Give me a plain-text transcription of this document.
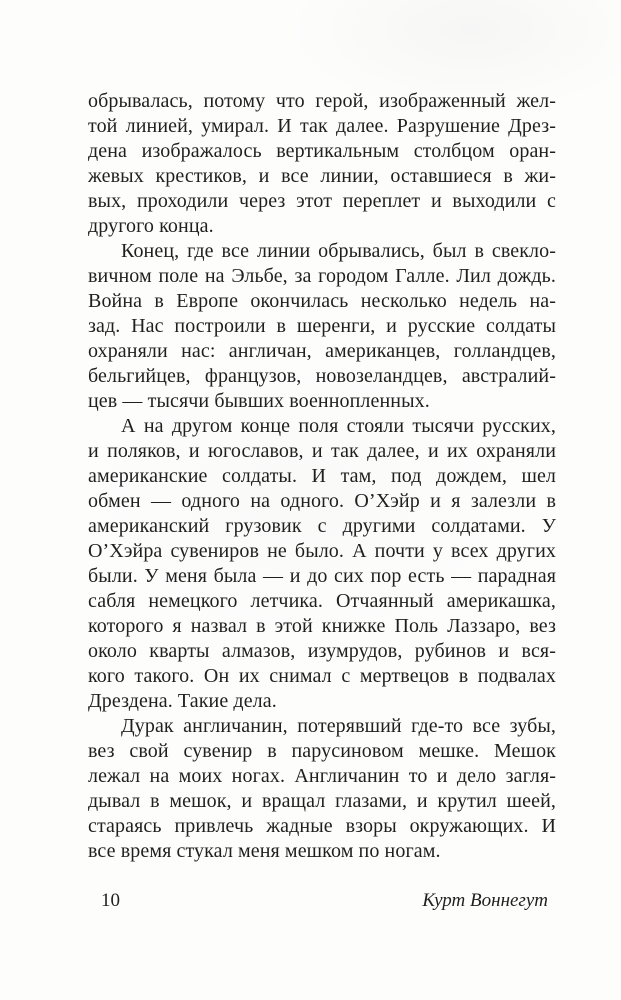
обрывалась, потому что герой, изображенный жел-
той линией, умирал. И так далее. Разрушение Дрез-
дена изображалось вертикальным столбцом оран-
жевых крестиков, и все линии, оставшиеся в жи-
вых, проходили через этот переплет и выходили с
другого конца.
Конец, где все линии обрывались, был в свекло-
вичном поле на Эльбе, за городом Галле. Лил дождь.
Война в Европе окончилась несколько недель на-
зад. Нас построили в шеренги, и русские солдаты
охраняли нас: англичан, американцев, голландцев,
бельгийцев, французов, новозеландцев, австралий-
цев — тысячи бывших военнопленных.
А на другом конце поля стояли тысячи русских,
и поляков, и югославов, и так далее, и их охраняли
американские солдаты. И там, под дождем, шел
обмен — одного на одного. О’Хэйр и я залезли в
американский грузовик с другими солдатами. У
О’Хэйра сувениров не было. А почти у всех других
были. У меня была — и до сих пор есть — парадная
сабля немецкого летчика. Отчаянный америкашка,
которого я назвал в этой книжке Поль Лаззаро, вез
около кварты алмазов, изумрудов, рубинов и вся-
кого такого. Он их снимал с мертвецов в подвалах
Дрездена. Такие дела.
Дурак англичанин, потерявший где-то все зубы,
вез свой сувенир в парусиновом мешке. Мешок
лежал на моих ногах. Англичанин то и дело загля-
дывал в мешок, и вращал глазами, и крутил шеей,
стараясь привлечь жадные взоры окружающих. И
все время стукал меня мешком по ногам.
10	Курт Воннегут
